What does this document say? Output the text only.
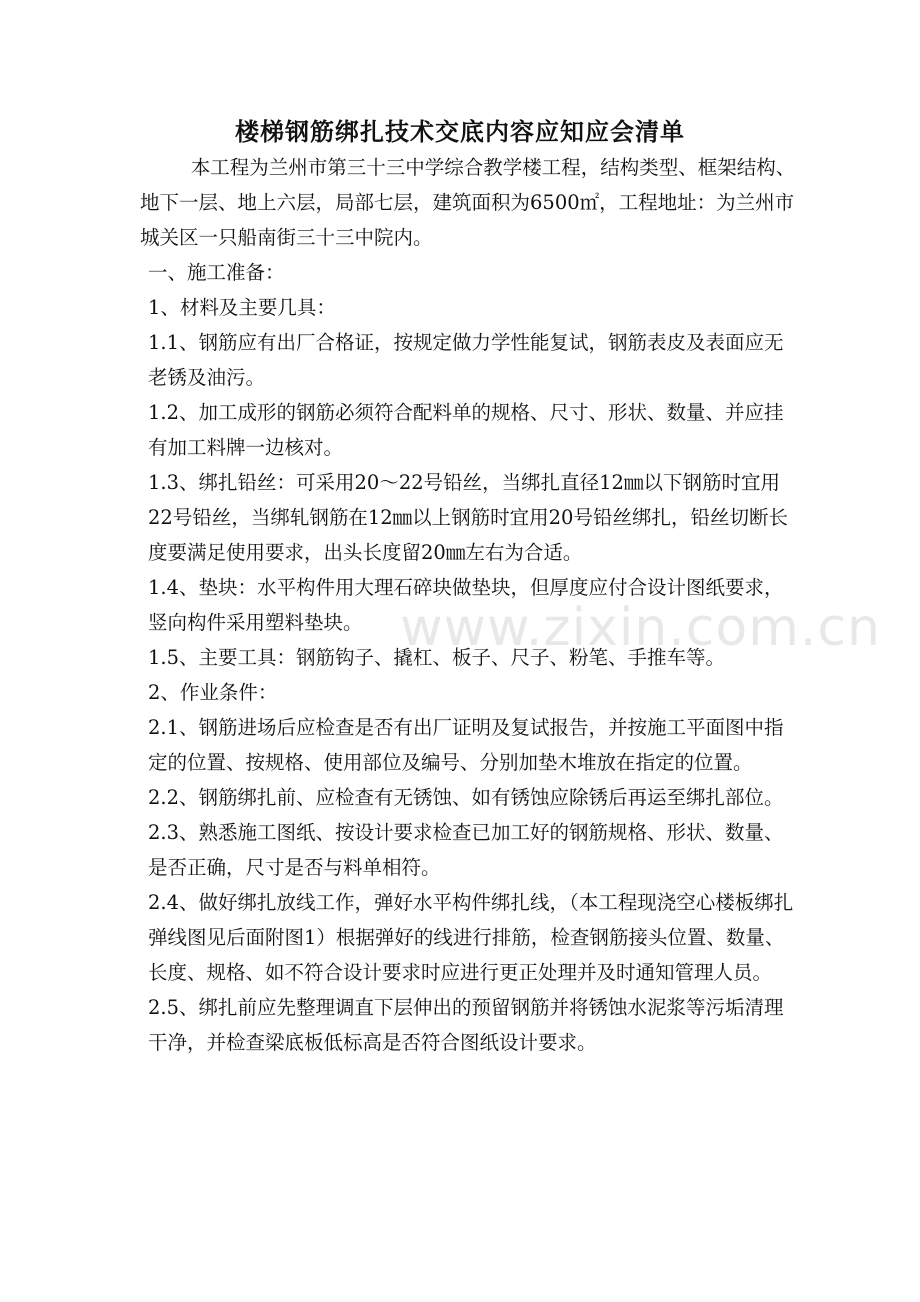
楼梯钢筋绑扎技术交底内容应知应会清单

本工程为兰州市第三十三中学综合教学楼工程，结构类型、框架结构、地下一层、地上六层，局部七层，建筑面积为6500㎡，工程地址：为兰州市城关区一只船南街三十三中院内。

一、施工准备：

1、材料及主要几具：

1.1、钢筋应有出厂合格证，按规定做力学性能复试，钢筋表皮及表面应无老锈及油污。

1.2、加工成形的钢筋必须符合配料单的规格、尺寸、形状、数量、并应挂有加工料牌一边核对。

1.3、绑扎铅丝：可采用20～22号铅丝，当绑扎直径12㎜以下钢筋时宜用22号铅丝，当绑轧钢筋在12㎜以上钢筋时宜用20号铅丝绑扎，铅丝切断长度要满足使用要求，出头长度留20㎜左右为合适。

1.4、垫块：水平构件用大理石碎块做垫块，但厚度应付合设计图纸要求，竖向构件采用塑料垫块。

1.5、主要工具：钢筋钩子、撬杠、板子、尺子、粉笔、手推车等。

2、作业条件：

2.1、钢筋进场后应检查是否有出厂证明及复试报告，并按施工平面图中指定的位置、按规格、使用部位及编号、分别加垫木堆放在指定的位置。

2.2、钢筋绑扎前、应检查有无锈蚀、如有锈蚀应除锈后再运至绑扎部位。

2.3、熟悉施工图纸、按设计要求检查已加工好的钢筋规格、形状、数量、是否正确，尺寸是否与料单相符。

2.4、做好绑扎放线工作，弹好水平构件绑扎线，（本工程现浇空心楼板绑扎弹线图见后面附图1）根据弹好的线进行排筋，检查钢筋接头位置、数量、长度、规格、如不符合设计要求时应进行更正处理并及时通知管理人员。

2.5、绑扎前应先整理调直下层伸出的预留钢筋并将锈蚀水泥浆等污垢清理干净，并检查梁底板低标高是否符合图纸设计要求。

www.zixin.com.cn
